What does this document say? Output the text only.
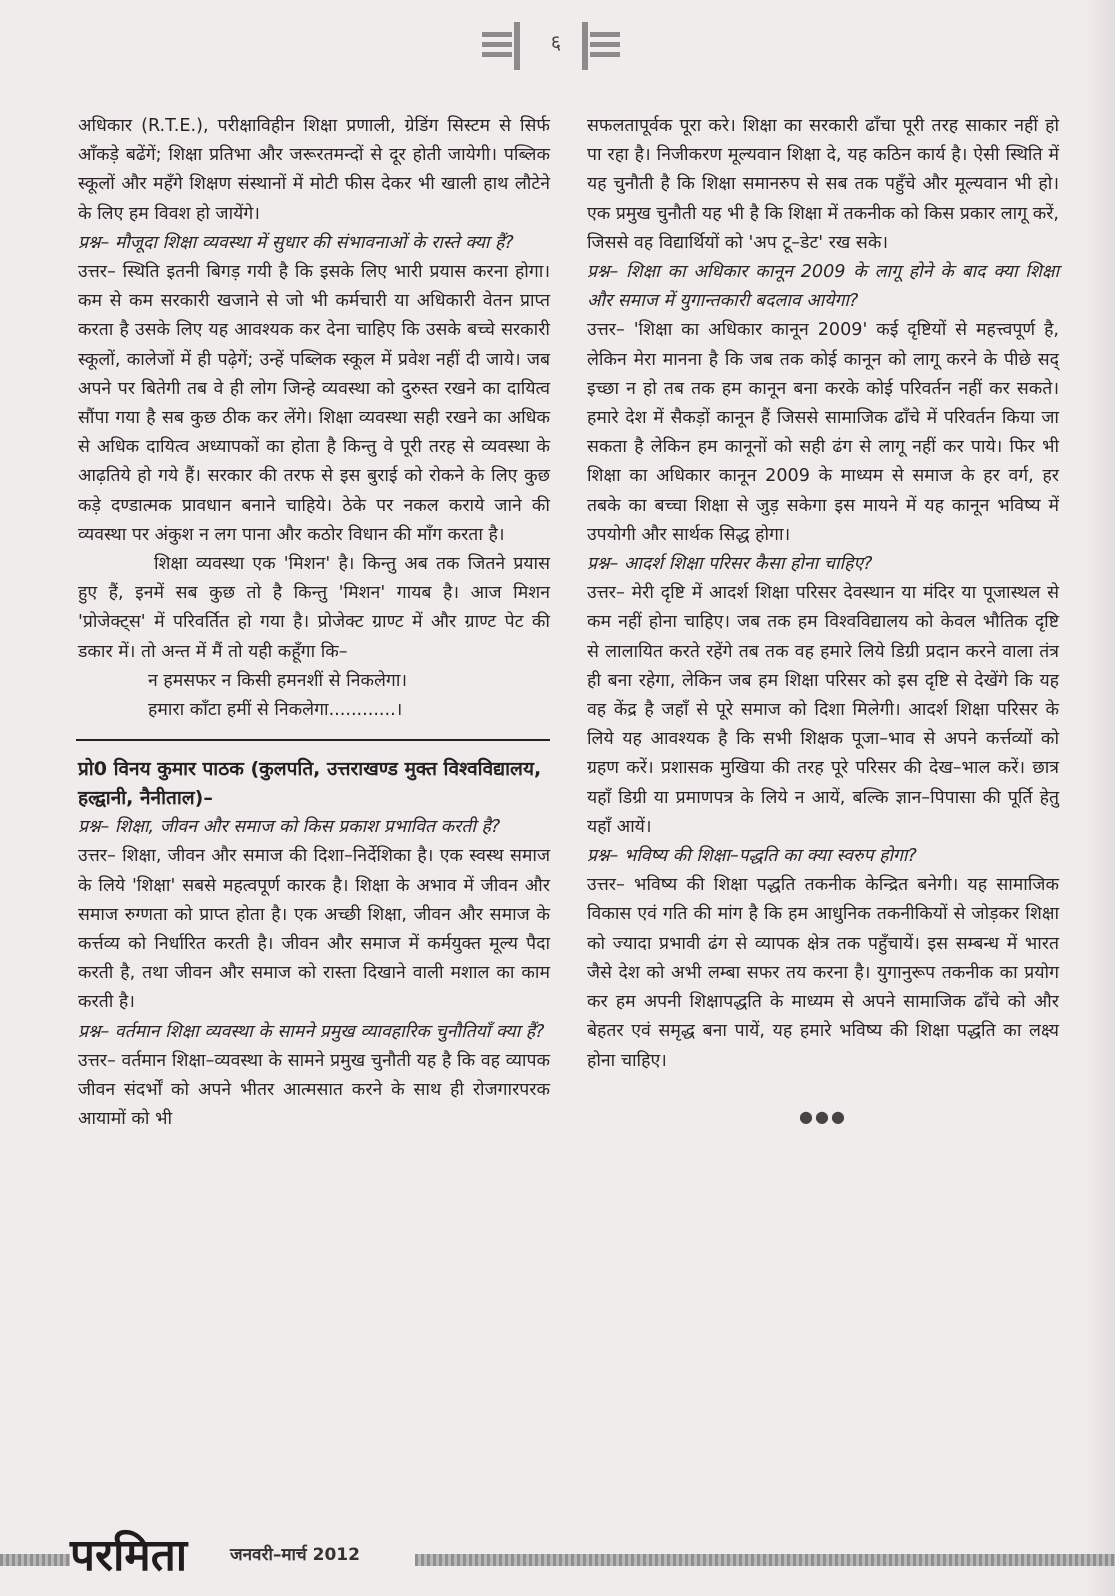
६

अधिकार (R.T.E.), परीक्षाविहीन शिक्षा प्रणाली, ग्रेडिंग सिस्टम से सिर्फ आँकड़े बढेंगें; शिक्षा प्रतिभा और जरूरतमन्दों से दूर होती जायेगी। पब्लिक स्कूलों और महँगे शिक्षण संस्थानों में मोटी फीस देकर भी खाली हाथ लौटेने के लिए हम विवश हो जायेंगे।

प्रश्न– मौजूदा शिक्षा व्यवस्था में सुधार की संभावनाओं के रास्ते क्या हैं?

उत्तर– स्थिति इतनी बिगड़ गयी है कि इसके लिए भारी प्रयास करना होगा। कम से कम सरकारी खजाने से जो भी कर्मचारी या अधिकारी वेतन प्राप्त करता है उसके लिए यह आवश्यक कर देना चाहिए कि उसके बच्चे सरकारी स्कूलों, कालेजों में ही पढ़ेगें; उन्हें पब्लिक स्कूल में प्रवेश नहीं दी जाये। जब अपने पर बितेगी तब वे ही लोग जिन्हे व्यवस्था को दुरुस्त रखने का दायित्व सौंपा गया है सब कुछ ठीक कर लेंगे। शिक्षा व्यवस्था सही रखने का अधिक से अधिक दायित्व अध्यापकों का होता है किन्तु वे पूरी तरह से व्यवस्था के आढ़तिये हो गये हैं। सरकार की तरफ से इस बुराई को रोकने के लिए कुछ कड़े दण्डात्मक प्रावधान बनाने चाहिये। ठेके पर नकल कराये जाने की व्यवस्था पर अंकुश न लग पाना और कठोर विधान की माँग करता है।

शिक्षा व्यवस्था एक 'मिशन' है। किन्तु अब तक जितने प्रयास हुए हैं, इनमें सब कुछ तो है किन्तु 'मिशन' गायब है। आज मिशन 'प्रोजेक्ट्स' में परिवर्तित हो गया है। प्रोजेक्ट ग्राण्ट में और ग्राण्ट पेट की डकार में। तो अन्त में मैं तो यही कहूँगा कि–

न हमसफर न किसी हमनशीं से निकलेगा।

हमारा काँटा हमीं से निकलेगा............।

प्रो0 विनय कुमार पाठक (कुलपति, उत्तराखण्ड मुक्त विश्वविद्यालय, हल्द्वानी, नैनीताल)–

प्रश्न– शिक्षा, जीवन और समाज को किस प्रकाश प्रभावित करती है?

उत्तर– शिक्षा, जीवन और समाज की दिशा–निर्देशिका है। एक स्वस्थ समाज के लिये 'शिक्षा' सबसे महत्वपूर्ण कारक है। शिक्षा के अभाव में जीवन और समाज रुग्णता को प्राप्त होता है। एक अच्छी शिक्षा, जीवन और समाज के कर्त्तव्य को निर्धारित करती है। जीवन और समाज में कर्मयुक्त मूल्य पैदा करती है, तथा जीवन और समाज को रास्ता दिखाने वाली मशाल का काम करती है।

प्रश्न– वर्तमान शिक्षा व्यवस्था के सामने प्रमुख व्यावहारिक चुनौतियाँ क्या हैं?

उत्तर– वर्तमान शिक्षा–व्यवस्था के सामने प्रमुख चुनौती यह है कि वह व्यापक जीवन संदर्भों को अपने भीतर आत्मसात करने के साथ ही रोजगारपरक आयामों को भी

सफलतापूर्वक पूरा करे। शिक्षा का सरकारी ढाँचा पूरी तरह साकार नहीं हो पा रहा है। निजीकरण मूल्यवान शिक्षा दे, यह कठिन कार्य है। ऐसी स्थिति में यह चुनौती है कि शिक्षा समानरुप से सब तक पहुँचे और मूल्यवान भी हो। एक प्रमुख चुनौती यह भी है कि शिक्षा में तकनीक को किस प्रकार लागू करें, जिससे वह विद्यार्थियों को 'अप टू–डेट' रख सके।

प्रश्न– शिक्षा का अधिकार कानून 2009 के लागू होने के बाद क्या शिक्षा और समाज में युगान्तकारी बदलाव आयेगा?

उत्तर– 'शिक्षा का अधिकार कानून 2009' कई दृष्टियों से महत्त्वपूर्ण है, लेकिन मेरा मानना है कि जब तक कोई कानून को लागू करने के पीछे सद् इच्छा न हो तब तक हम कानून बना करके कोई परिवर्तन नहीं कर सकते। हमारे देश में सैकड़ों कानून हैं जिससे सामाजिक ढाँचे में परिवर्तन किया जा सकता है लेकिन हम कानूनों को सही ढंग से लागू नहीं कर पाये। फिर भी शिक्षा का अधिकार कानून 2009 के माध्यम से समाज के हर वर्ग, हर तबके का बच्चा शिक्षा से जुड़ सकेगा इस मायने में यह कानून भविष्य में उपयोगी और सार्थक सिद्ध होगा।

प्रश्न– आदर्श शिक्षा परिसर कैसा होना चाहिए?

उत्तर– मेरी दृष्टि में आदर्श शिक्षा परिसर देवस्थान या मंदिर या पूजास्थल से कम नहीं होना चाहिए। जब तक हम विश्वविद्यालय को केवल भौतिक दृष्टि से लालायित करते रहेंगे तब तक वह हमारे लिये डिग्री प्रदान करने वाला तंत्र ही बना रहेगा, लेकिन जब हम शिक्षा परिसर को इस दृष्टि से देखेंगे कि यह वह केंद्र है जहाँ से पूरे समाज को दिशा मिलेगी। आदर्श शिक्षा परिसर के लिये यह आवश्यक है कि सभी शिक्षक पूजा–भाव से अपने कर्त्तव्यों को ग्रहण करें। प्रशासक मुखिया की तरह पूरे परिसर की देख–भाल करें। छात्र यहाँ डिग्री या प्रमाणपत्र के लिये न आयें, बल्कि ज्ञान–पिपासा की पूर्ति हेतु यहाँ आयें।

प्रश्न– भविष्य की शिक्षा–पद्धति का क्या स्वरुप होगा?

उत्तर– भविष्य की शिक्षा पद्धति तकनीक केन्द्रित बनेगी। यह सामाजिक विकास एवं गति की मांग है कि हम आधुनिक तकनीकियों से जोड़कर शिक्षा को ज्यादा प्रभावी ढंग से व्यापक क्षेत्र तक पहुँचायें। इस सम्बन्ध में भारत जैसे देश को अभी लम्बा सफर तय करना है। युगानुरूप तकनीक का प्रयोग कर हम अपनी शिक्षापद्धति के माध्यम से अपने सामाजिक ढाँचे को और बेहतर एवं समृद्ध बना पायें, यह हमारे भविष्य की शिक्षा पद्धति का लक्ष्य होना चाहिए।

●●●
परमिता	जनवरी–मार्च 2012
